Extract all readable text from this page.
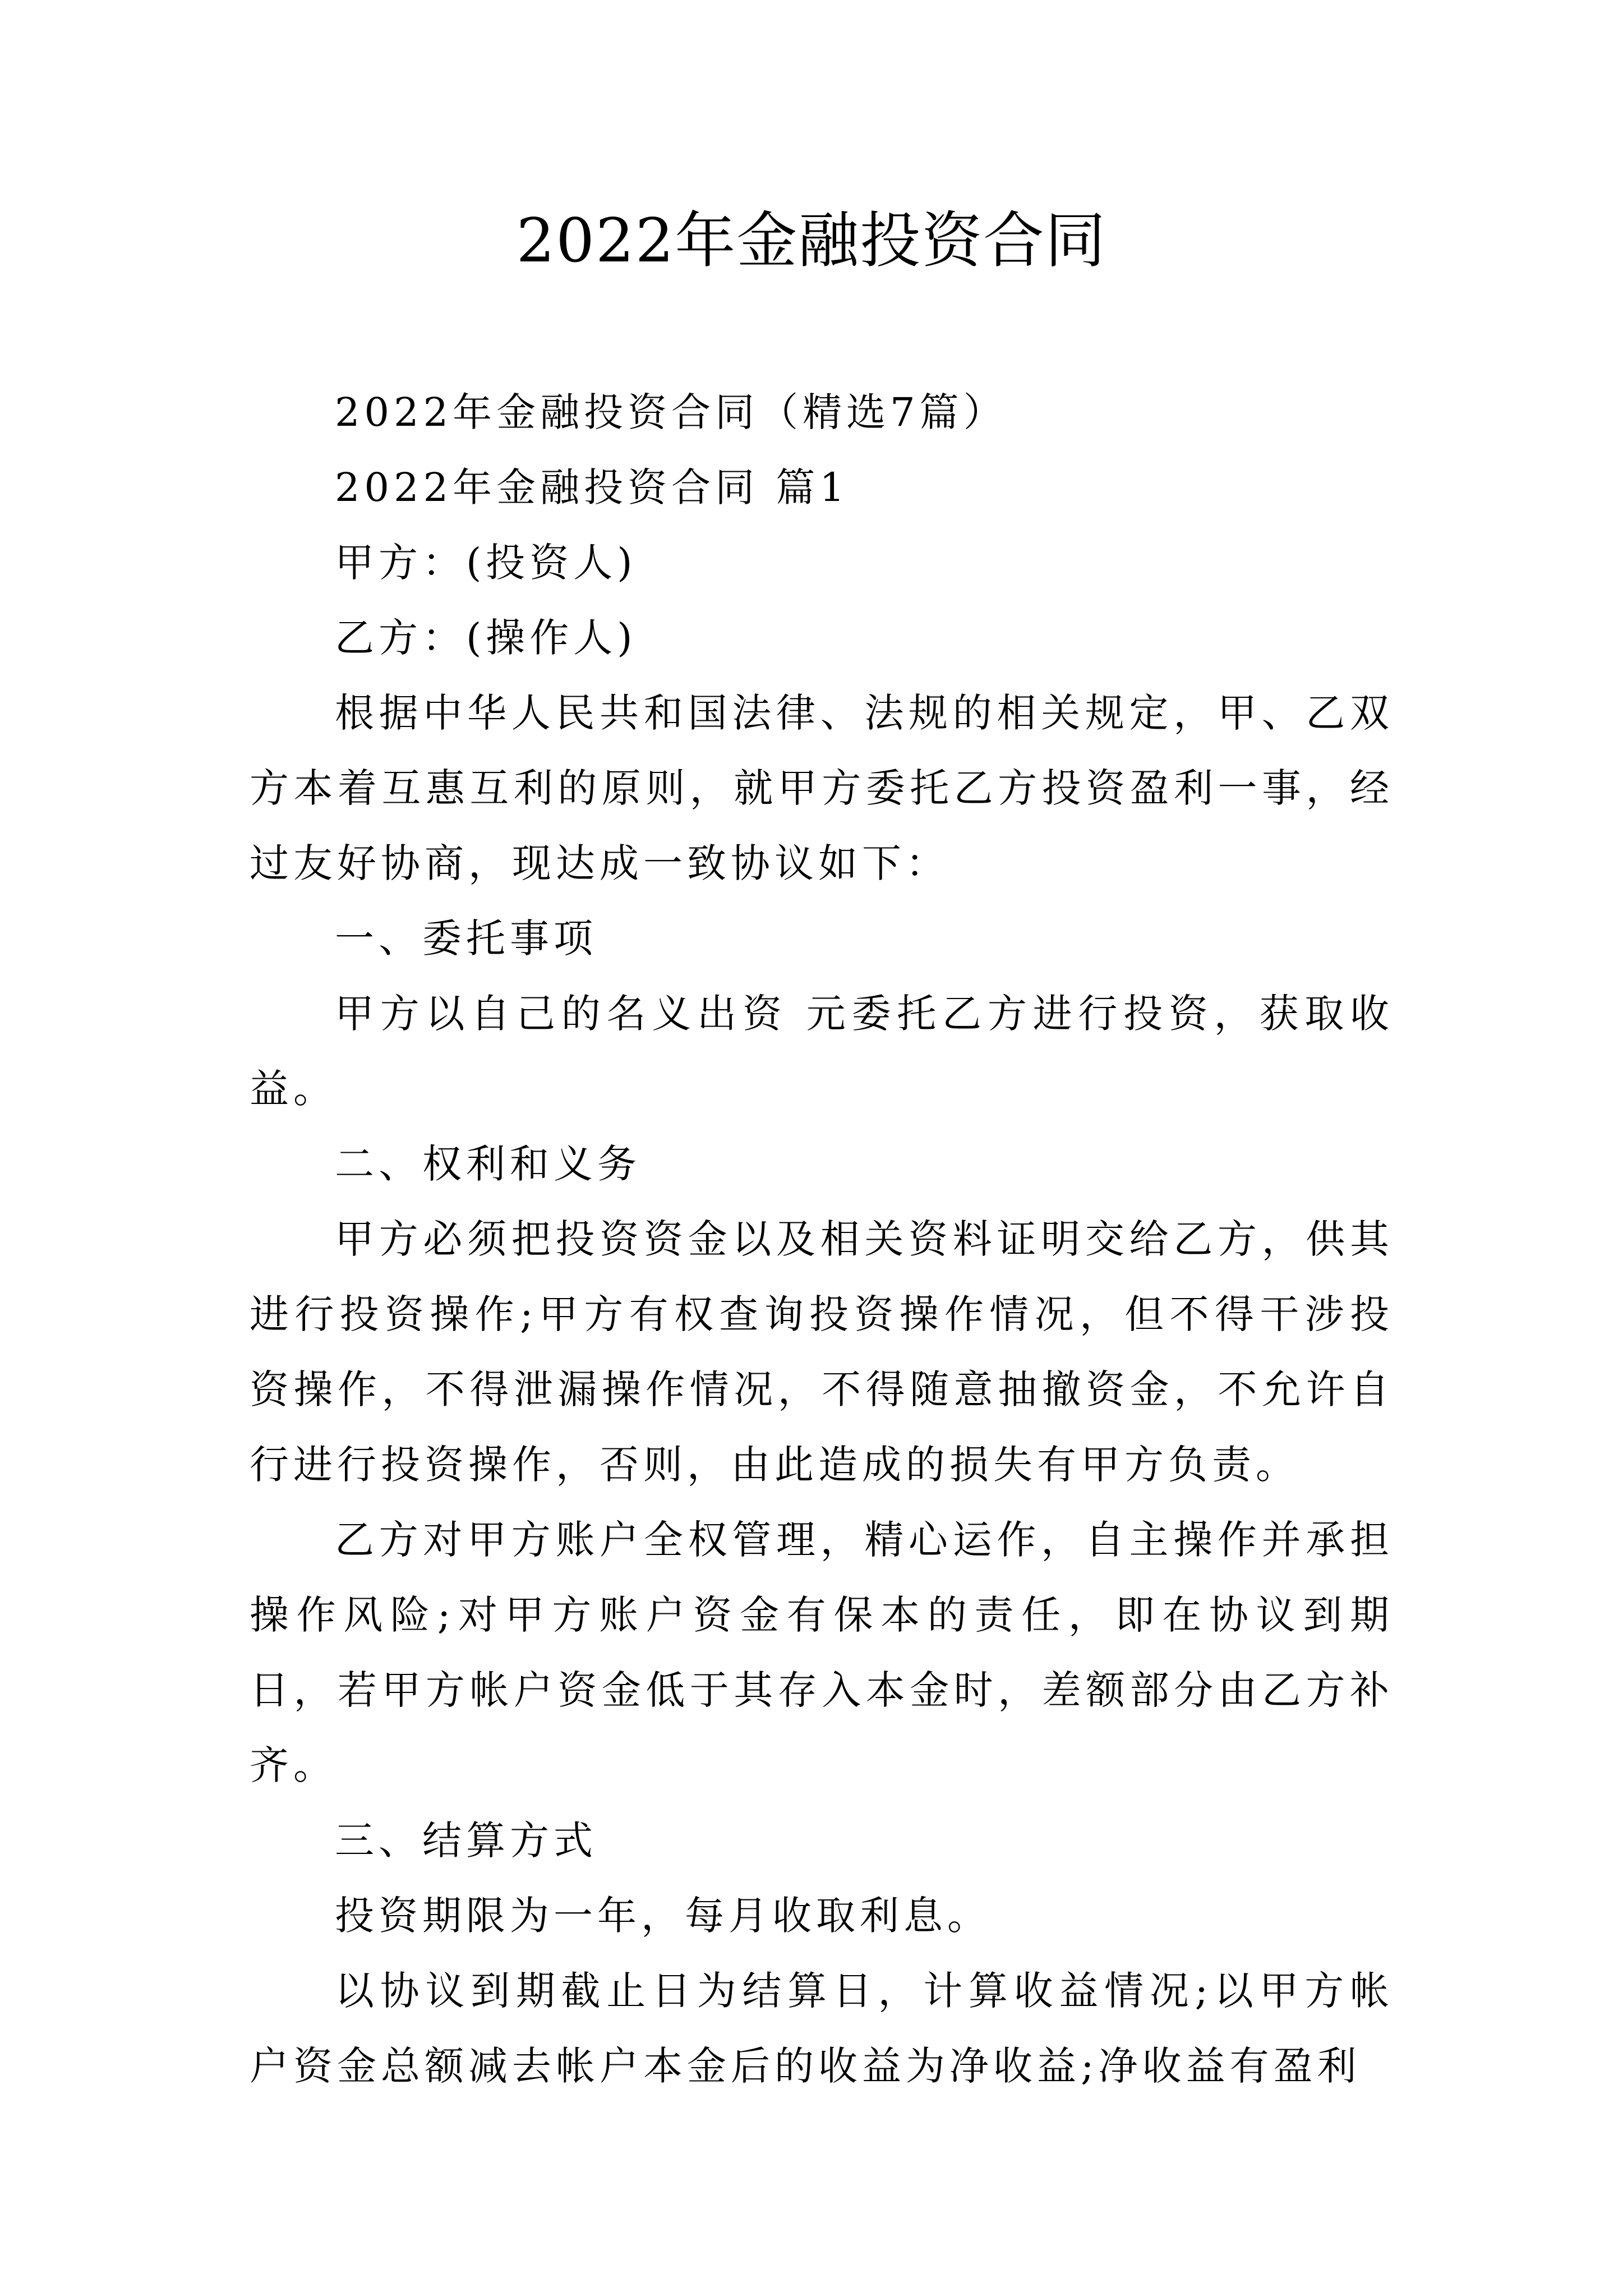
2022年金融投资合同

2022年金融投资合同（精选7篇）

2022年金融投资合同 篇1

甲方：(投资人)

乙方：(操作人)

根据中华人民共和国法律、法规的相关规定，甲、乙双方本着互惠互利的原则，就甲方委托乙方投资盈利一事，经过友好协商，现达成一致协议如下：

一、委托事项

甲方以自己的名义出资 元委托乙方进行投资，获取收益。

二、权利和义务

甲方必须把投资资金以及相关资料证明交给乙方，供其进行投资操作;甲方有权查询投资操作情况，但不得干涉投资操作，不得泄漏操作情况，不得随意抽撤资金，不允许自行进行投资操作，否则，由此造成的损失有甲方负责。

乙方对甲方账户全权管理，精心运作，自主操作并承担操作风险;对甲方账户资金有保本的责任，即在协议到期日，若甲方帐户资金低于其存入本金时，差额部分由乙方补齐。

三、结算方式

投资期限为一年，每月收取利息。

以协议到期截止日为结算日，计算收益情况;以甲方帐户资金总额减去帐户本金后的收益为净收益;净收益有盈利
